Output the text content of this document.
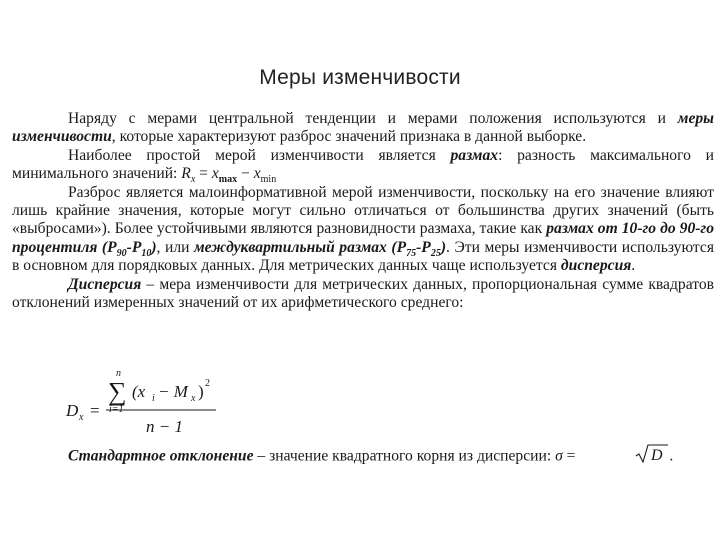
Меры изменчивости

Наряду с мерами центральной тенденции и мерами положения используются и меры изменчивости, которые характеризуют разброс значений признака в данной выборке.

Наиболее простой мерой изменчивости является размах: разность максимального и минимального значений: $R_x = x_{max} - x_{min}$

Разброс является малоинформативной мерой изменчивости, поскольку на его значение влияют лишь крайние значения, которые могут сильно отличаться от большинства других значений (быть «выбросами»). Более устойчивыми являются разновидности размаха, такие как размах от 10-го до 90-го процентиля $(P_{90}-P_{10})$, или междуквартильный размах $(P_{75}-P_{25})$. Эти меры изменчивости используются в основном для порядковых данных. Для метрических данных чаще используется дисперсия.

Дисперсия – мера изменчивости для метрических данных, пропорциональная сумме квадратов отклонений измеренных значений от их арифметического среднего:

D x =
n
∑
i=1
(x i − M x ) 2
n − 1
Стандартное отклонение – значение квадратного корня из дисперсии: σ =	D .
